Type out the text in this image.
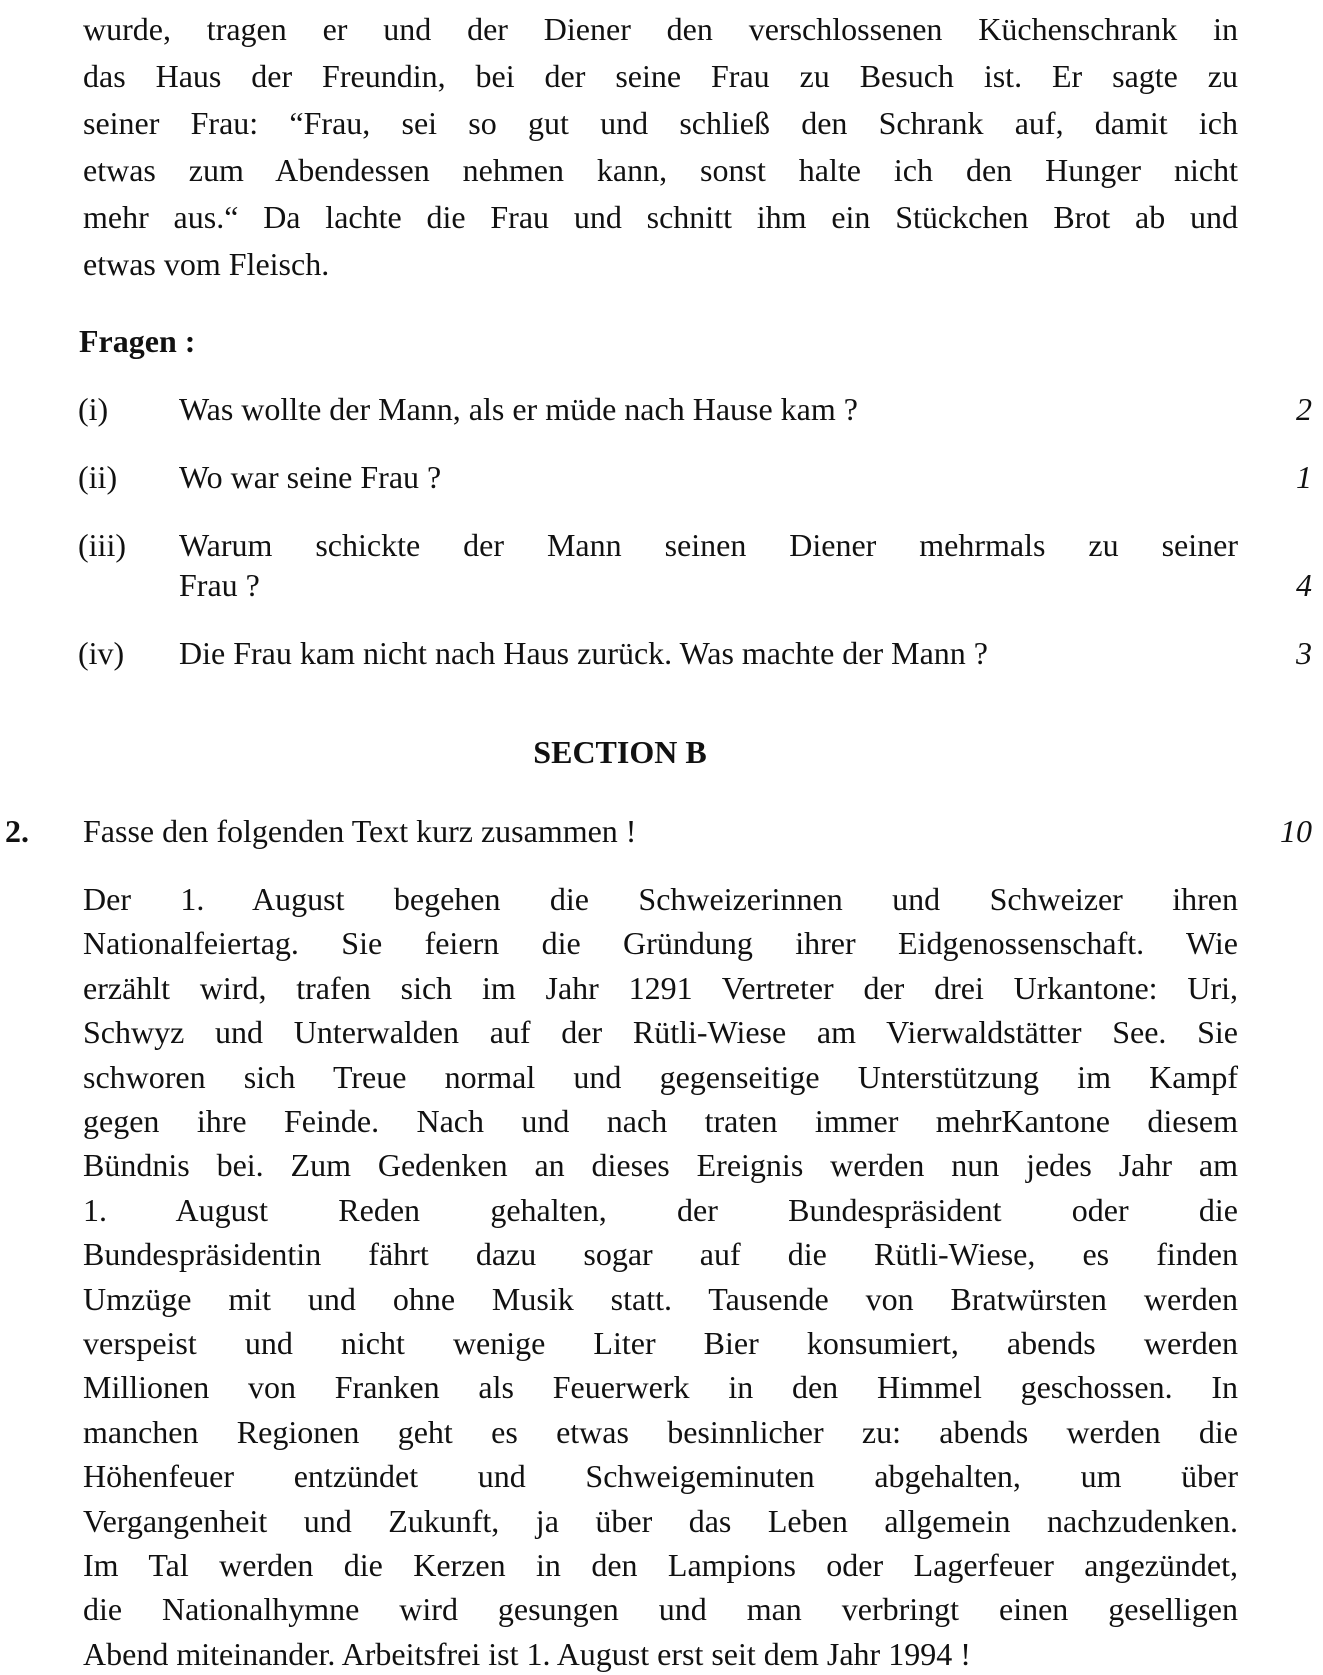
wurde, tragen er und der Diener den verschlossenen Küchenschrank in
das Haus der Freundin, bei der seine Frau zu Besuch ist. Er sagte zu
seiner Frau: “Frau, sei so gut und schließ den Schrank auf, damit ich
etwas zum Abendessen nehmen kann, sonst halte ich den Hunger nicht
mehr aus.“ Da lachte die Frau und schnitt ihm ein Stückchen Brot ab und
etwas vom Fleisch.
Fragen :
(i) Was wollte der Mann, als er müde nach Hause kam ?	2
(ii) Wo war seine Frau ?	1
(iii) Warum schickte der Mann seinen Diener mehrmals zu seiner
Frau ?	4
(iv) Die Frau kam nicht nach Haus zurück. Was machte der Mann ?	3
SECTION B
2. Fasse den folgenden Text kurz zusammen !	10
Der 1. August begehen die Schweizerinnen und Schweizer ihren
Nationalfeiertag. Sie feiern die Gründung ihrer Eidgenossenschaft. Wie
erzählt wird, trafen sich im Jahr 1291 Vertreter der drei Urkantone: Uri,
Schwyz und Unterwalden auf der Rütli-Wiese am Vierwaldstätter See. Sie
schworen sich Treue normal und gegenseitige Unterstützung im Kampf
gegen ihre Feinde. Nach und nach traten immer mehrKantone diesem
Bündnis bei. Zum Gedenken an dieses Ereignis werden nun jedes Jahr am
1. August Reden gehalten, der Bundespräsident oder die
Bundespräsidentin fährt dazu sogar auf die Rütli-Wiese, es finden
Umzüge mit und ohne Musik statt. Tausende von Bratwürsten werden
verspeist und nicht wenige Liter Bier konsumiert, abends werden
Millionen von Franken als Feuerwerk in den Himmel geschossen. In
manchen Regionen geht es etwas besinnlicher zu: abends werden die
Höhenfeuer entzündet und Schweigeminuten abgehalten, um über
Vergangenheit und Zukunft, ja über das Leben allgemein nachzudenken.
Im Tal werden die Kerzen in den Lampions oder Lagerfeuer angezündet,
die Nationalhymne wird gesungen und man verbringt einen geselligen
Abend miteinander. Arbeitsfrei ist 1. August erst seit dem Jahr 1994 !
